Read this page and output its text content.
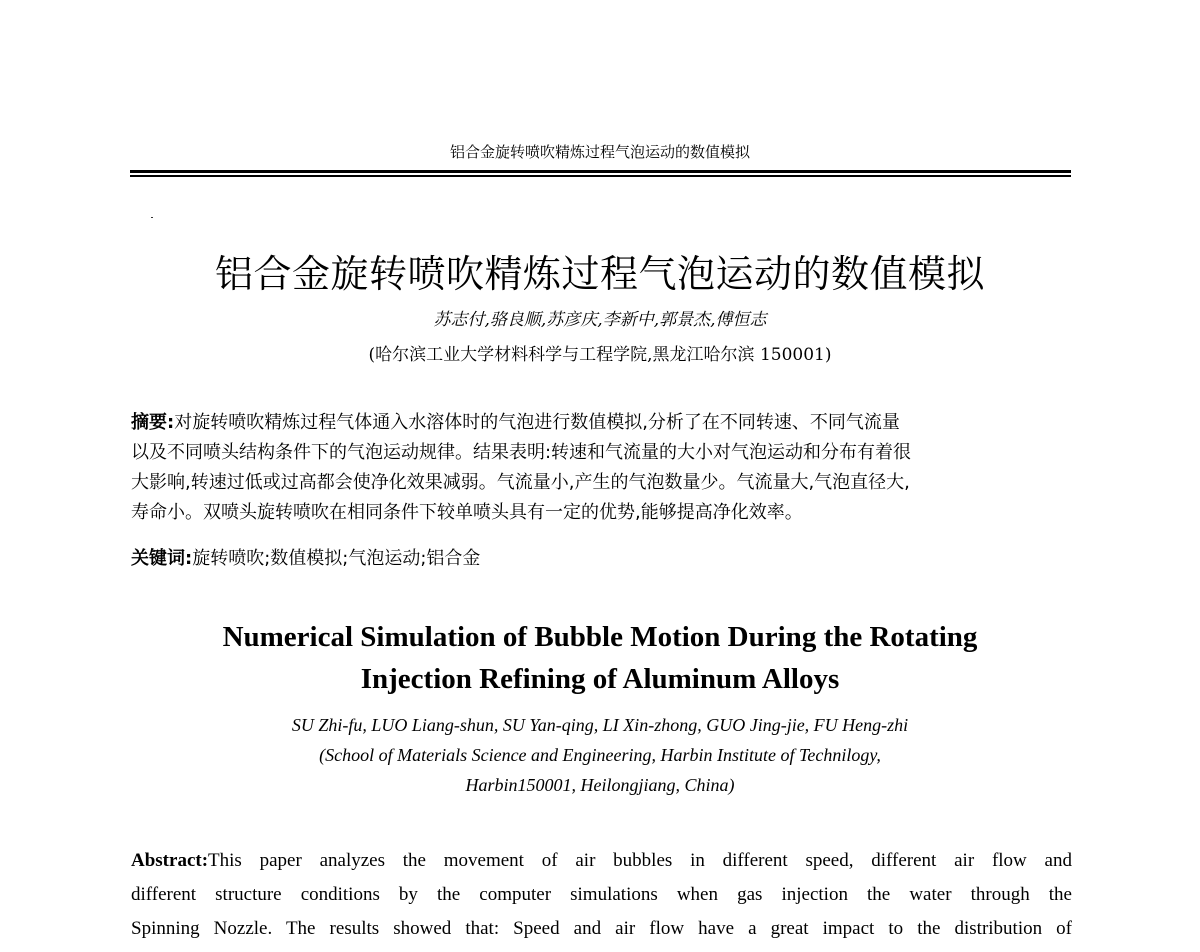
铝合金旋转喷吹精炼过程气泡运动的数值模拟
铝合金旋转喷吹精炼过程气泡运动的数值模拟
苏志付,骆良顺,苏彦庆,李新中,郭景杰,傅恒志
(哈尔滨工业大学材料科学与工程学院,黑龙江哈尔滨 150001)
摘要:对旋转喷吹精炼过程气体通入水溶体时的气泡进行数值模拟,分析了在不同转速、不同气流量
以及不同喷头结构条件下的气泡运动规律。结果表明:转速和气流量的大小对气泡运动和分布有着很
大影响,转速过低或过高都会使净化效果减弱。气流量小,产生的气泡数量少。气流量大,气泡直径大,
寿命小。双喷头旋转喷吹在相同条件下较单喷头具有一定的优势,能够提高净化效率。
关键词:旋转喷吹;数值模拟;气泡运动;铝合金
Numerical Simulation of Bubble Motion During the Rotating
Injection Refining of Aluminum Alloys
SU Zhi-fu, LUO Liang-shun, SU Yan-qing, LI Xin-zhong, GUO Jing-jie, FU Heng-zhi
(School of Materials Science and Engineering, Harbin Institute of Technilogy,
Harbin150001, Heilongjiang, China)
Abstract:This paper analyzes the movement of air bubbles in different speed, different air flow and
different structure conditions by the computer simulations when gas injection the water through the
Spinning Nozzle. The results showed that: Speed and air flow have a great impact to the distribution of
